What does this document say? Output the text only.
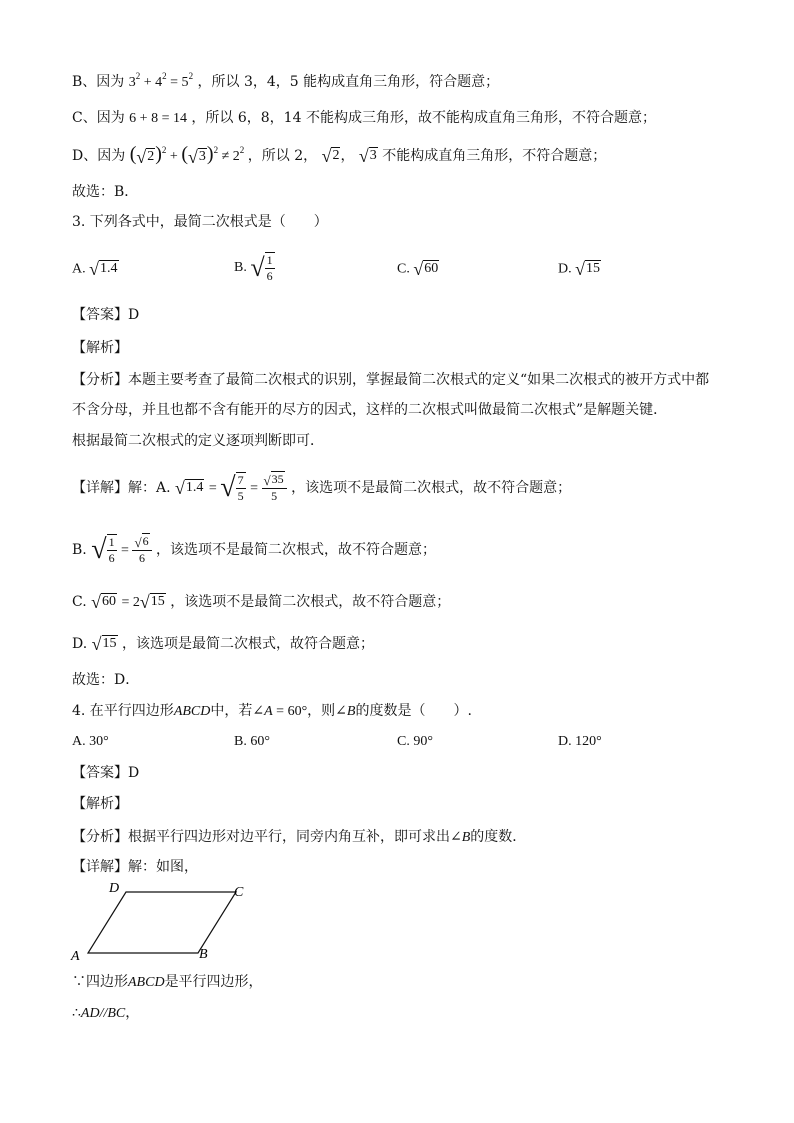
B、因为 $3^2 + 4^2 = 5^2$ ，所以 3，4，5 能构成直角三角形，符合题意；
C、因为 6 + 8 = 14 ，所以 6，8，14 不能构成三角形，故不能构成直角三角形，不符合题意；
D、因为 $(√2)^2 + (√3)^2 \ne 2^2$ ，所以 2， √2， √3 不能构成直角三角形，不符合题意；
故选：B．
3. 下列各式中，最简二次根式是（　　）
A. √1.4	B. √ $\frac{1}{6}$	C. √60	D. √15
【答案】D
【解析】
【分析】本题主要考查了最简二次根式的识别，掌握最简二次根式的定义“如果二次根式的被开方式中都
不含分母，并且也都不含有能开的尽方的因式，这样的二次根式叫做最简二次根式”是解题关键．
根据最简二次根式的定义逐项判断即可．
【详解】解：A. √1.4 = √ $\frac{7}{5} = \frac{√35}{5}$ ，该选项不是最简二次根式，故不符合题意；
B. √ $\frac{1}{6} = \frac{√6}{6}$ ，该选项不是最简二次根式，故不符合题意；
C. √60 = 2√15 ，该选项不是最简二次根式，故不符合题意；
D. √15 ，该选项是最简二次根式，故符合题意；
故选：D．
4. 在平行四边形ABCD中，若∠A = 60°，则∠B的度数是（　　）.
A. 30°	B. 60°	C. 90°	D. 120°
【答案】D
【解析】
【分析】根据平行四边形对边平行，同旁内角互补，即可求出∠B的度数．
【详解】解：如图，
A	B
C
D
∵四边形ABCD是平行四边形，
∴AD//BC，
